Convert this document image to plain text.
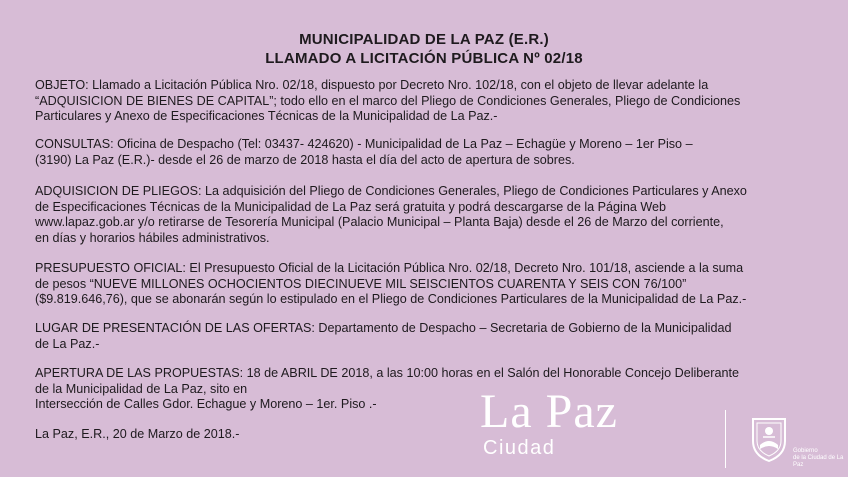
MUNICIPALIDAD DE LA PAZ (E.R.)
LLAMADO A LICITACIÓN PÚBLICA Nº 02/18
OBJETO: Llamado a Licitación Pública Nro. 02/18, dispuesto por Decreto Nro. 102/18, con el objeto de llevar adelante la
“ADQUISICION DE BIENES DE CAPITAL”; todo ello en el marco del Pliego de Condiciones Generales, Pliego de Condiciones
Particulares y Anexo de Especificaciones Técnicas de la Municipalidad de La Paz.-
CONSULTAS: Oficina de Despacho (Tel: 03437- 424620) - Municipalidad de La Paz – Echagüe y Moreno – 1er Piso –
(3190) La Paz (E.R.)- desde el 26 de marzo de 2018 hasta el día del acto de apertura de sobres.
ADQUISICION DE PLIEGOS: La adquisición del Pliego de Condiciones Generales, Pliego de Condiciones Particulares y Anexo
de Especificaciones Técnicas de la Municipalidad de La Paz será gratuita y podrá descargarse de la Página Web
www.lapaz.gob.ar y/o retirarse de Tesorería Municipal (Palacio Municipal – Planta Baja) desde el 26 de Marzo del corriente,
en días y horarios hábiles administrativos.
PRESUPUESTO OFICIAL: El Presupuesto Oficial de la Licitación Pública Nro. 02/18, Decreto Nro. 101/18, asciende a la suma
de pesos “NUEVE MILLONES OCHOCIENTOS DIECINUEVE MIL SEISCIENTOS CUARENTA Y SEIS CON 76/100”
($9.819.646,76), que se abonarán según lo estipulado en el Pliego de Condiciones Particulares de la Municipalidad de La Paz.-
LUGAR DE PRESENTACIÓN DE LAS OFERTAS: Departamento de Despacho – Secretaria de Gobierno de la Municipalidad
de La Paz.-
APERTURA DE LAS PROPUESTAS: 18 de ABRIL DE 2018, a las 10:00 horas en el Salón del Honorable Concejo Deliberante
de la Municipalidad de La Paz, sito en
Intersección de Calles Gdor. Echague y Moreno – 1er. Piso .-
La Paz, E.R., 20 de Marzo de 2018.-	La Paz
Ciudad	Gobierno
de la Ciudad de La Paz
